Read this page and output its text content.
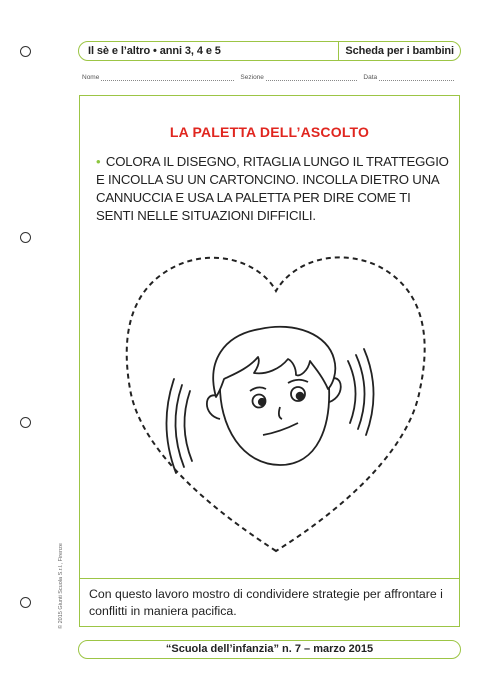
Il sè e l’altro • anni 3, 4 e 5	Scheda per i bambini
Nome	Sezione	Data
LA PALETTA DELL’ASCOLTO
• COLORA IL DISEGNO, RITAGLIA LUNGO IL TRATTEGGIO E INCOLLA SU UN CARTONCINO. INCOLLA DIETRO UNA CANNUCCIA E USA LA PALETTA PER DIRE COME TI SENTI NELLE SITUAZIONI DIFFICILI.
Con questo lavoro mostro di condividere strategie per affrontare i conflitti in maniera pacifica.
© 2015 Giunti Scuola S.r.l., Firenze
“Scuola dell’infanzia” n. 7 – marzo 2015
